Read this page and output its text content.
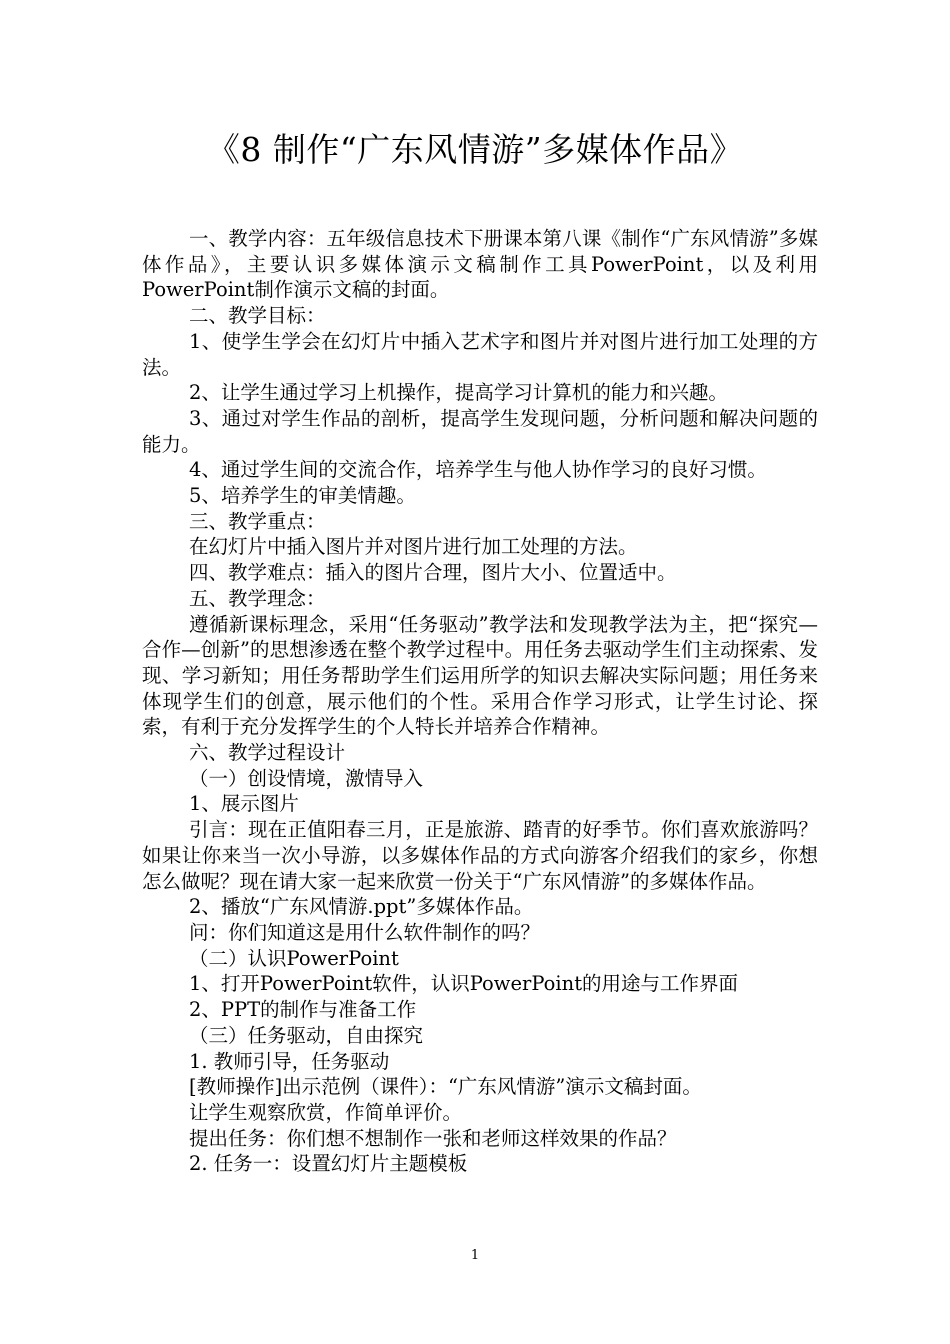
《8 制作“广东风情游”多媒体作品》

一、教学内容：五年级信息技术下册课本第八课《制作“广东风情游”多媒体作品》，主要认识多媒体演示文稿制作工具PowerPoint，以及利用PowerPoint制作演示文稿的封面。

二、教学目标：

1、使学生学会在幻灯片中插入艺术字和图片并对图片进行加工处理的方法。

2、让学生通过学习上机操作，提高学习计算机的能力和兴趣。

3、通过对学生作品的剖析，提高学生发现问题，分析问题和解决问题的能力。

4、通过学生间的交流合作，培养学生与他人协作学习的良好习惯。

5、培养学生的审美情趣。

三、教学重点：

在幻灯片中插入图片并对图片进行加工处理的方法。

四、教学难点：插入的图片合理，图片大小、位置适中。

五、教学理念：

遵循新课标理念，采用“任务驱动”教学法和发现教学法为主，把“探究—合作—创新”的思想渗透在整个教学过程中。用任务去驱动学生们主动探索、发现、学习新知；用任务帮助学生们运用所学的知识去解决实际问题；用任务来体现学生们的创意，展示他们的个性。采用合作学习形式，让学生讨论、探索，有利于充分发挥学生的个人特长并培养合作精神。

六、教学过程设计

（一）创设情境，激情导入

1、展示图片

引言：现在正值阳春三月，正是旅游、踏青的好季节。你们喜欢旅游吗？如果让你来当一次小导游，以多媒体作品的方式向游客介绍我们的家乡，你想怎么做呢？现在请大家一起来欣赏一份关于“广东风情游”的多媒体作品。

2、播放“广东风情游.ppt”多媒体作品。

问：你们知道这是用什么软件制作的吗？

（二）认识PowerPoint

1、打开PowerPoint软件，认识PowerPoint的用途与工作界面

2、PPT的制作与准备工作

（三）任务驱动，自由探究

1. 教师引导，任务驱动

[教师操作]出示范例（课件）：“广东风情游”演示文稿封面。

让学生观察欣赏，作简单评价。

提出任务：你们想不想制作一张和老师这样效果的作品？

2. 任务一：设置幻灯片主题模板

1
